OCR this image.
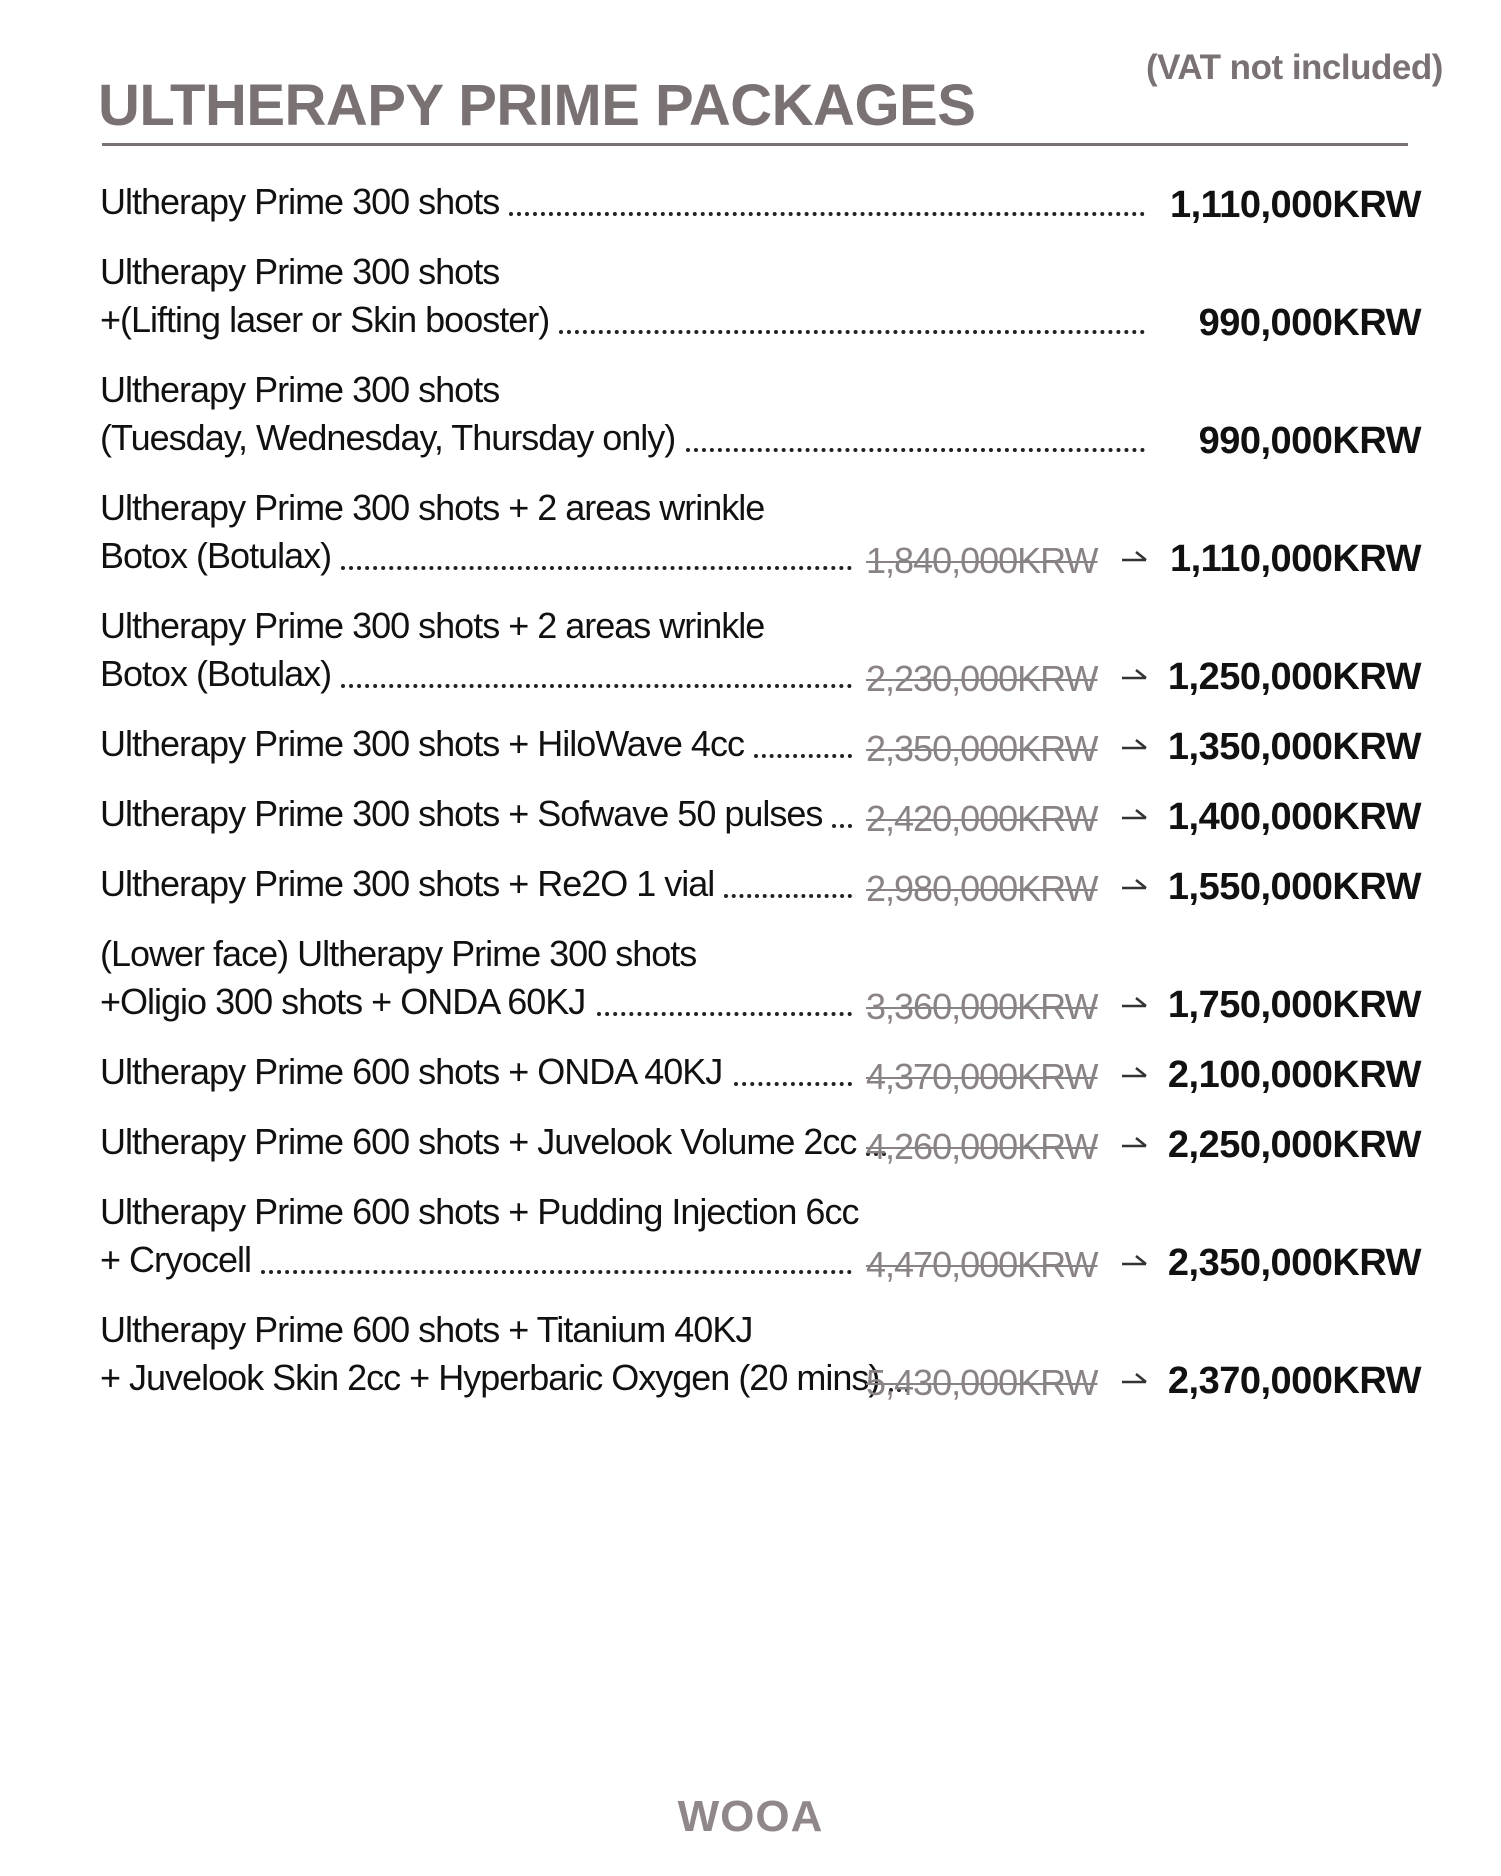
(VAT not included)
ULTHERAPY PRIME PACKAGES
Ultherapy Prime 300 shots	1,110,000KRW
Ultherapy Prime 300 shots
+(Lifting laser or Skin booster)	990,000KRW
Ultherapy Prime 300 shots
(Tuesday, Wednesday, Thursday only)	990,000KRW
Ultherapy Prime 300 shots + 2 areas wrinkle
Botox (Botulax)	1,840,000KRW	1,110,000KRW
Ultherapy Prime 300 shots + 2 areas wrinkle
Botox (Botulax)	2,230,000KRW	1,250,000KRW
Ultherapy Prime 300 shots + HiloWave 4cc	2,350,000KRW	1,350,000KRW
Ultherapy Prime 300 shots + Sofwave 50 pulses 2,420,000KRW	1,400,000KRW
Ultherapy Prime 300 shots + Re2O 1 vial	2,980,000KRW	1,550,000KRW
(Lower face) Ultherapy Prime 300 shots
+Oligio 300 shots + ONDA 60KJ	3,360,000KRW	1,750,000KRW
Ultherapy Prime 600 shots + ONDA 40KJ	4,370,000KRW	2,100,000KRW
Ultherapy Prime 600 shots + Juvelook Volume 2cc 4,260,000KRW	2,250,000KRW
Ultherapy Prime 600 shots + Pudding Injection 6cc
+ Cryocell	4,470,000KRW	2,350,000KRW
Ultherapy Prime 600 shots + Titanium 40KJ
+ Juvelook Skin 2cc + Hyperbaric Oxygen (20 mins)
5,430,000KRW	2,370,000KRW
WOOA
